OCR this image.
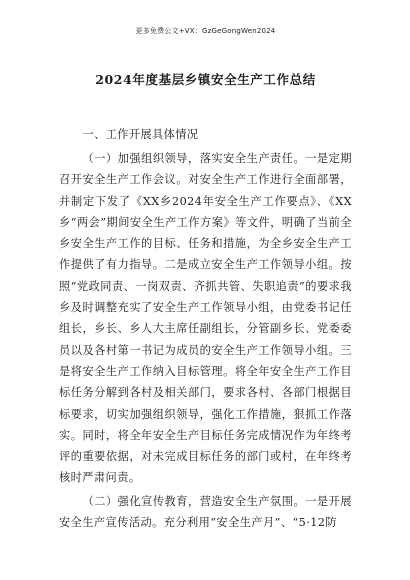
更多免费公文+VX：GzGeGongWen2024
2024年度基层乡镇安全生产工作总结
一、工作开展具体情况

（一）加强组织领导，落实安全生产责任。一是定期召开安全生产工作会议。对安全生产工作进行全面部署，并制定下发了《XX乡2024年安全生产工作要点》、《XX乡“两会”期间安全生产工作方案》等文件，明确了当前全乡安全生产工作的目标、任务和措施，为全乡安全生产工作提供了有力指导。二是成立安全生产工作领导小组。按照“党政同责、一岗双责、齐抓共管、失职追责”的要求我乡及时调整充实了安全生产工作领导小组，由党委书记任组长，乡长、乡人大主席任副组长，分管副乡长、党委委员以及各村第一书记为成员的安全生产工作领导小组。三是将安全生产工作纳入目标管理。将全年安全生产工作目标任务分解到各村及相关部门，要求各村、各部门根据目标要求，切实加强组织领导，强化工作措施，狠抓工作落实。同时，将全年安全生产目标任务完成情况作为年终考评的重要依据，对未完成目标任务的部门或村，在年终考核时严肃问责。

（二）强化宣传教育，营造安全生产氛围。一是开展安全生产宣传活动。充分利用“安全生产月”、“5·12防
